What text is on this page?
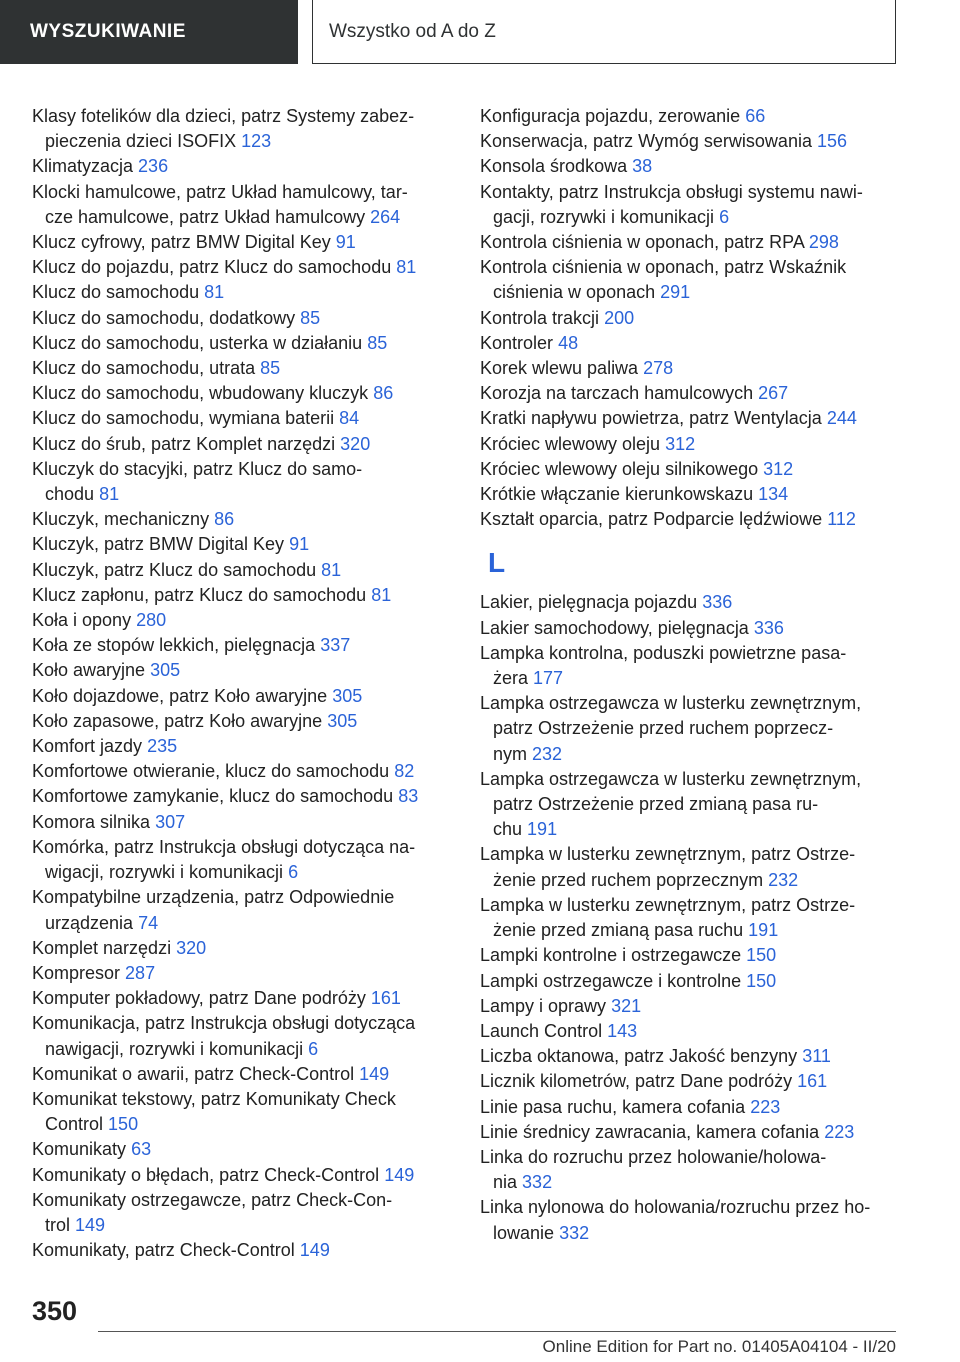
WYSZUKIWANIE	Wszystko od A do Z
Klasy fotelików dla dzieci, patrz Systemy zabez-
pieczenia dzieci ISOFIX 123
Klimatyzacja 236
Klocki hamulcowe, patrz Układ hamulcowy, tar-
cze hamulcowe, patrz Układ hamulcowy 264
Klucz cyfrowy, patrz BMW Digital Key 91
Klucz do pojazdu, patrz Klucz do samochodu 81
Klucz do samochodu 81
Klucz do samochodu, dodatkowy 85
Klucz do samochodu, usterka w działaniu 85
Klucz do samochodu, utrata 85
Klucz do samochodu, wbudowany kluczyk 86
Klucz do samochodu, wymiana baterii 84
Klucz do śrub, patrz Komplet narzędzi 320
Kluczyk do stacyjki, patrz Klucz do samo-
chodu 81
Kluczyk, mechaniczny 86
Kluczyk, patrz BMW Digital Key 91
Kluczyk, patrz Klucz do samochodu 81
Klucz zapłonu, patrz Klucz do samochodu 81
Koła i opony 280
Koła ze stopów lekkich, pielęgnacja 337
Koło awaryjne 305
Koło dojazdowe, patrz Koło awaryjne 305
Koło zapasowe, patrz Koło awaryjne 305
Komfort jazdy 235
Komfortowe otwieranie, klucz do samochodu 82
Komfortowe zamykanie, klucz do samochodu 83
Komora silnika 307
Komórka, patrz Instrukcja obsługi dotycząca na-
wigacji, rozrywki i komunikacji 6
Kompatybilne urządzenia, patrz Odpowiednie
urządzenia 74
Komplet narzędzi 320
Kompresor 287
Komputer pokładowy, patrz Dane podróży 161
Komunikacja, patrz Instrukcja obsługi dotycząca
nawigacji, rozrywki i komunikacji 6
Komunikat o awarii, patrz Check-Control 149
Komunikat tekstowy, patrz Komunikaty Check
Control 150
Komunikaty 63
Komunikaty o błędach, patrz Check-Control 149
Komunikaty ostrzegawcze, patrz Check-Con-
trol 149
Komunikaty, patrz Check-Control 149
Konfiguracja pojazdu, zerowanie 66
Konserwacja, patrz Wymóg serwisowania 156
Konsola środkowa 38
Kontakty, patrz Instrukcja obsługi systemu nawi-
gacji, rozrywki i komunikacji 6
Kontrola ciśnienia w oponach, patrz RPA 298
Kontrola ciśnienia w oponach, patrz Wskaźnik
ciśnienia w oponach 291
Kontrola trakcji 200
Kontroler 48
Korek wlewu paliwa 278
Korozja na tarczach hamulcowych 267
Kratki napływu powietrza, patrz Wentylacja 244
Króciec wlewowy oleju 312
Króciec wlewowy oleju silnikowego 312
Krótkie włączanie kierunkowskazu 134
Kształt oparcia, patrz Podparcie lędźwiowe 112
L
Lakier, pielęgnacja pojazdu 336
Lakier samochodowy, pielęgnacja 336
Lampka kontrolna, poduszki powietrzne pasa-
żera 177
Lampka ostrzegawcza w lusterku zewnętrznym,
patrz Ostrzeżenie przed ruchem poprzecz-
nym 232
Lampka ostrzegawcza w lusterku zewnętrznym,
patrz Ostrzeżenie przed zmianą pasa ru-
chu 191
Lampka w lusterku zewnętrznym, patrz Ostrze-
żenie przed ruchem poprzecznym 232
Lampka w lusterku zewnętrznym, patrz Ostrze-
żenie przed zmianą pasa ruchu 191
Lampki kontrolne i ostrzegawcze 150
Lampki ostrzegawcze i kontrolne 150
Lampy i oprawy 321
Launch Control 143
Liczba oktanowa, patrz Jakość benzyny 311
Licznik kilometrów, patrz Dane podróży 161
Linie pasa ruchu, kamera cofania 223
Linie średnicy zawracania, kamera cofania 223
Linka do rozruchu przez holowanie/holowa-
nia 332
Linka nylonowa do holowania/rozruchu przez ho-
lowanie 332
350
Online Edition for Part no. 01405A04104 - II/20
